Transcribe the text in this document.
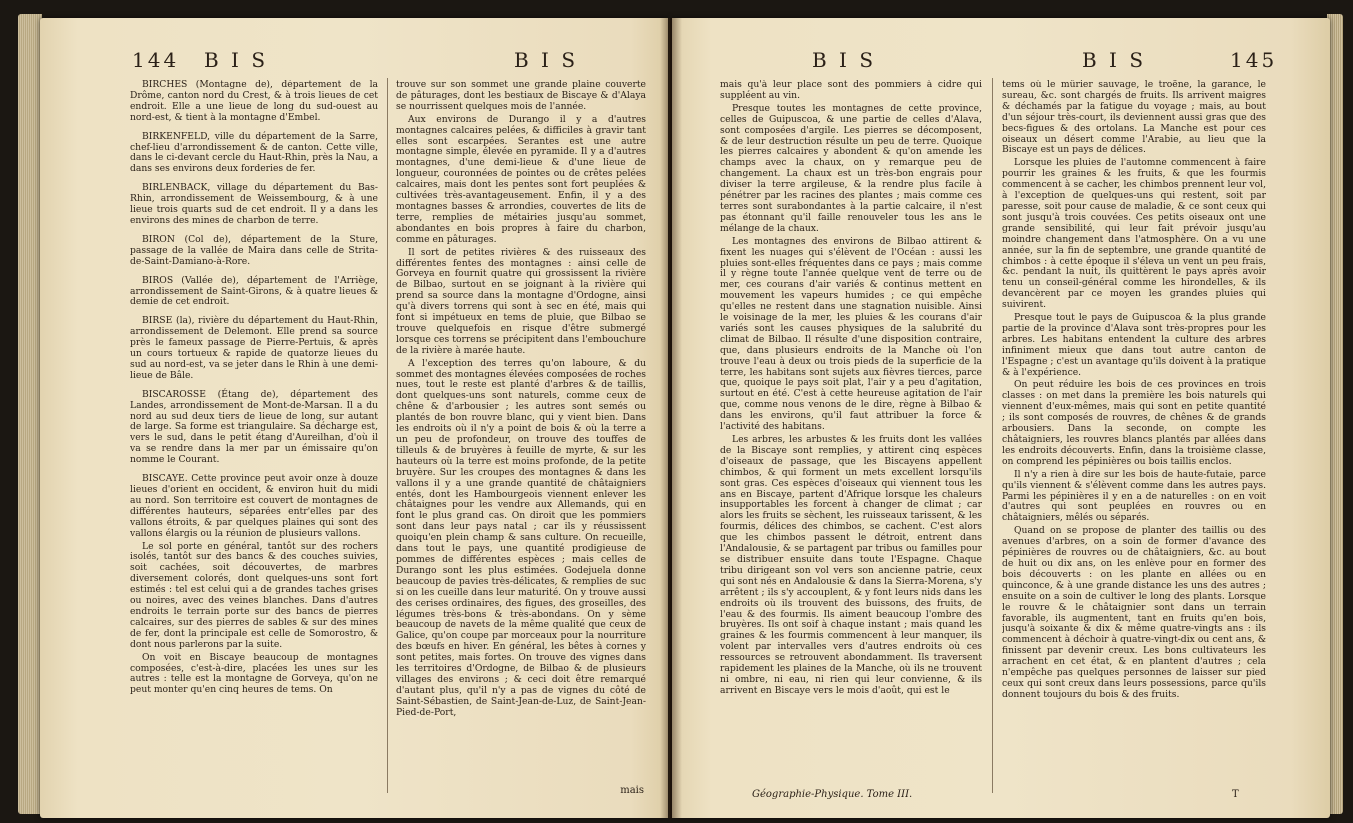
144 B I S	B I S

BIRCHES (Montagne de), département de la Drôme, canton nord du Crest, & à trois lieues de cet endroit. Elle a une lieue de long du sud-ouest au nord-est, & tient à la montagne d'Embel.

BIRKENFELD, ville du département de la Sarre, chef-lieu d'arrondissement & de canton. Cette ville, dans le ci-devant cercle du Haut-Rhin, près la Nau, a dans ses environs deux forderies de fer.

BIRLENBACK, village du département du Bas-Rhin, arrondissement de Weissembourg, & à une lieue trois quarts sud de cet endroit. Il y a dans les environs des mines de charbon de terre.

BIRON (Col de), département de la Sture, passage de la vallée de Maira dans celle de Strita-de-Saint-Damiano-à-Rore.

BIROS (Vallée de), département de l'Arriège, arrondissement de Saint-Girons, & à quatre lieues & demie de cet endroit.

BIRSE (la), rivière du département du Haut-Rhin, arrondissement de Delemont. Elle prend sa source près le fameux passage de Pierre-Pertuis, & après un cours tortueux & rapide de quatorze lieues du sud au nord-est, va se jeter dans le Rhin à une demi-lieue de Bâle.

BISCAROSSE (Étang de), département des Landes, arrondissement de Mont-de-Marsan. Il a du nord au sud deux tiers de lieue de long, sur autant de large. Sa forme est triangulaire. Sa décharge est, vers le sud, dans le petit étang d'Aureilhan, d'où il va se rendre dans la mer par un émissaire qu'on nomme le Courant.

BISCAYE. Cette province peut avoir onze à douze lieues d'orient en occident, & environ huit du midi au nord. Son territoire est couvert de montagnes de différentes hauteurs, séparées entr'elles par des vallons étroits, & par quelques plaines qui sont des vallons élargis ou la réunion de plusieurs vallons.

Le sol porte en général, tantôt sur des rochers isolés, tantôt sur des bancs & des couches suivies, soit cachées, soit découvertes, de marbres diversement colorés, dont quelques-uns sont fort estimés : tel est celui qui a de grandes taches grises ou noires, avec des veines blanches. Dans d'autres endroits le terrain porte sur des bancs de pierres calcaires, sur des pierres de sables & sur des mines de fer, dont la principale est celle de Somorostro, & dont nous parlerons par la suite.

On voit en Biscaye beaucoup de montagnes composées, c'est-à-dire, placées les unes sur les autres : telle est la montagne de Gorveya, qu'on ne peut monter qu'en cinq heures de tems. On

trouve sur son sommet une grande plaine couverte de pâturages, dont les bestiaux de Biscaye & d'Alaya se nourrissent quelques mois de l'année.

Aux environs de Durango il y a d'autres montagnes calcaires pelées, & difficiles à gravir tant elles sont escarpées. Serantes est une autre montagne simple, élevée en pyramide. Il y a d'autres montagnes, d'une demi-lieue & d'une lieue de longueur, couronnées de pointes ou de crêtes pelées calcaires, mais dont les pentes sont fort peuplées & cultivées très-avantageusement. Enfin, il y a des montagnes basses & arrondies, couvertes de lits de terre, remplies de métairies jusqu'au sommet, abondantes en bois propres à faire du charbon, comme en pâturages.

Il sort de petites rivières & des ruisseaux des différentes fentes des montagnes : ainsi celle de Gorveya en fournit quatre qui grossissent la rivière de Bilbao, surtout en se joignant à la rivière qui prend sa source dans la montagne d'Ordogne, ainsi qu'à divers torrens qui sont à sec en été, mais qui font si impétueux en tems de pluie, que Bilbao se trouve quelquefois en risque d'être submergé lorsque ces torrens se précipitent dans l'embouchure de la rivière à marée haute.

A l'exception des terres qu'on laboure, & du sommet des montagnes élevées composées de roches nues, tout le reste est planté d'arbres & de taillis, dont quelques-uns sont naturels, comme ceux de chêne & d'arbousier ; les autres sont semés ou plantés de bon rouvre blanc, qui y vient bien. Dans les endroits où il n'y a point de bois & où la terre a un peu de profondeur, on trouve des touffes de tilleuls & de bruyères à feuille de myrte, & sur les hauteurs où la terre est moins profonde, de la petite bruyère. Sur les croupes des montagnes & dans les vallons il y a une grande quantité de châtaigniers entés, dont les Hambourgeois viennent enlever les châtaignes pour les vendre aux Allemands, qui en font le plus grand cas. On diroit que les pommiers sont dans leur pays natal ; car ils y réussissent quoiqu'en plein champ & sans culture. On recueille, dans tout le pays, une quantité prodigieuse de pommes de différentes espèces ; mais celles de Durango sont les plus estimées. Godejuela donne beaucoup de pavies très-délicates, & remplies de suc si on les cueille dans leur maturité. On y trouve aussi des cerises ordinaires, des figues, des groseilles, des légumes très-bons & très-abondans. On y sème beaucoup de navets de la même qualité que ceux de Galice, qu'on coupe par morceaux pour la nourriture des bœufs en hiver. En général, les bêtes à cornes y sont petites, mais fortes. On trouve des vignes dans les territoires d'Ordogne, de Bilbao & de plusieurs villages des environs ; & ceci doit être remarqué d'autant plus, qu'il n'y a pas de vignes du côté de Saint-Sébastien, de Saint-Jean-de-Luz, de Saint-Jean-Pied-de-Port,

mais
B I S	B I S	145

mais qu'à leur place sont des pommiers à cidre qui suppléent au vin.

Presque toutes les montagnes de cette province, celles de Guipuscoa, & une partie de celles d'Alava, sont composées d'argile. Les pierres se décomposent, & de leur destruction résulte un peu de terre. Quoique les pierres calcaires y abondent & qu'on amende les champs avec la chaux, on y remarque peu de changement. La chaux est un très-bon engrais pour diviser la terre argileuse, & la rendre plus facile à pénétrer par les racines des plantes ; mais comme ces terres sont surabondantes à la partie calcaire, il n'est pas étonnant qu'il faille renouveler tous les ans le mélange de la chaux.

Les montagnes des environs de Bilbao attirent & fixent les nuages qui s'élèvent de l'Océan : aussi les pluies sont-elles fréquentes dans ce pays ; mais comme il y règne toute l'année quelque vent de terre ou de mer, ces courans d'air variés & continus mettent en mouvement les vapeurs humides ; ce qui empêche qu'elles ne restent dans une stagnation nuisible. Ainsi le voisinage de la mer, les pluies & les courans d'air variés sont les causes physiques de la salubrité du climat de Bilbao. Il résulte d'une disposition contraire, que, dans plusieurs endroits de la Manche où l'on trouve l'eau à deux ou trois pieds de la superficie de la terre, les habitans sont sujets aux fièvres tierces, parce que, quoique le pays soit plat, l'air y a peu d'agitation, surtout en été. C'est à cette heureuse agitation de l'air que, comme nous venons de le dire, règne à Bilbao & dans les environs, qu'il faut attribuer la force & l'activité des habitans.

Les arbres, les arbustes & les fruits dont les vallées de la Biscaye sont remplies, y attirent cinq espèces d'oiseaux de passage, que les Biscayens appellent chimbos, & qui forment un mets excellent lorsqu'ils sont gras. Ces espèces d'oiseaux qui viennent tous les ans en Biscaye, partent d'Afrique lorsque les chaleurs insupportables les forcent à changer de climat ; car alors les fruits se sèchent, les ruisseaux tarissent, & les fourmis, délices des chimbos, se cachent. C'est alors que les chimbos passent le détroit, entrent dans l'Andalousie, & se partagent par tribus ou familles pour se distribuer ensuite dans toute l'Espagne. Chaque tribu dirigeant son vol vers son ancienne patrie, ceux qui sont nés en Andalousie & dans la Sierra-Morena, s'y arrêtent ; ils s'y accouplent, & y font leurs nids dans les endroits où ils trouvent des buissons, des fruits, de l'eau & des fourmis. Ils aiment beaucoup l'ombre des bruyères. Ils ont soif à chaque instant ; mais quand les graines & les fourmis commencent à leur manquer, ils volent par intervalles vers d'autres endroits où ces ressources se retrouvent abondamment. Ils traversent rapidement les plaines de la Manche, où ils ne trouvent ni ombre, ni eau, ni rien qui leur convienne, & ils arrivent en Biscaye vers le mois d'août, qui est le

tems où le mûrier sauvage, le troëne, la garance, le sureau, &c. sont chargés de fruits. Ils arrivent maigres & déchamés par la fatigue du voyage ; mais, au bout d'un séjour très-court, ils deviennent aussi gras que des becs-figues & des ortolans. La Manche est pour ces oiseaux un désert comme l'Arabie, au lieu que la Biscaye est un pays de délices.

Lorsque les pluies de l'automne commencent à faire pourrir les graines & les fruits, & que les fourmis commencent à se cacher, les chimbos prennent leur vol, à l'exception de quelques-uns qui restent, soit par paresse, soit pour cause de maladie, & ce sont ceux qui sont jusqu'à trois couvées. Ces petits oiseaux ont une grande sensibilité, qui leur fait prévoir jusqu'au moindre changement dans l'atmosphère. On a vu une année, sur la fin de septembre, une grande quantité de chimbos : à cette époque il s'éleva un vent un peu frais, &c. pendant la nuit, ils quittèrent le pays après avoir tenu un conseil-général comme les hirondelles, & ils devancèrent par ce moyen les grandes pluies qui suivirent.

Presque tout le pays de Guipuscoa & la plus grande partie de la province d'Alava sont très-propres pour les arbres. Les habitans entendent la culture des arbres infiniment mieux que dans tout autre canton de l'Espagne ; c'est un avantage qu'ils doivent à la pratique & à l'expérience.

On peut réduire les bois de ces provinces en trois classes : on met dans la première les bois naturels qui viennent d'eux-mêmes, mais qui sont en petite quantité ; ils sont composés de rouvres, de chênes & de grands arbousiers. Dans la seconde, on compte les châtaigniers, les rouvres blancs plantés par allées dans les endroits découverts. Enfin, dans la troisième classe, on comprend les pépinières ou bois taillis enclos.

Il n'y a rien à dire sur les bois de haute-futaie, parce qu'ils viennent & s'élèvent comme dans les autres pays. Parmi les pépinières il y en a de naturelles : on en voit d'autres qui sont peuplées en rouvres ou en châtaigniers, mêlés ou séparés.

Quand on se propose de planter des taillis ou des avenues d'arbres, on a soin de former d'avance des pépinières de rouvres ou de châtaigniers, &c. au bout de huit ou dix ans, on les enlève pour en former des bois découverts : on les plante en allées ou en quinconce, & à une grande distance les uns des autres ; ensuite on a soin de cultiver le long des plants. Lorsque le rouvre & le châtaignier sont dans un terrain favorable, ils augmentent, tant en fruits qu'en bois, jusqu'à soixante & dix & même quatre-vingts ans : ils commencent à déchoir à quatre-vingt-dix ou cent ans, & finissent par devenir creux. Les bons cultivateurs les arrachent en cet état, & en plantent d'autres ; cela n'empêche pas quelques personnes de laisser sur pied ceux qui sont creux dans leurs possessions, parce qu'ils donnent toujours du bois & des fruits.

Géographie-Physique. Tome III.	T
